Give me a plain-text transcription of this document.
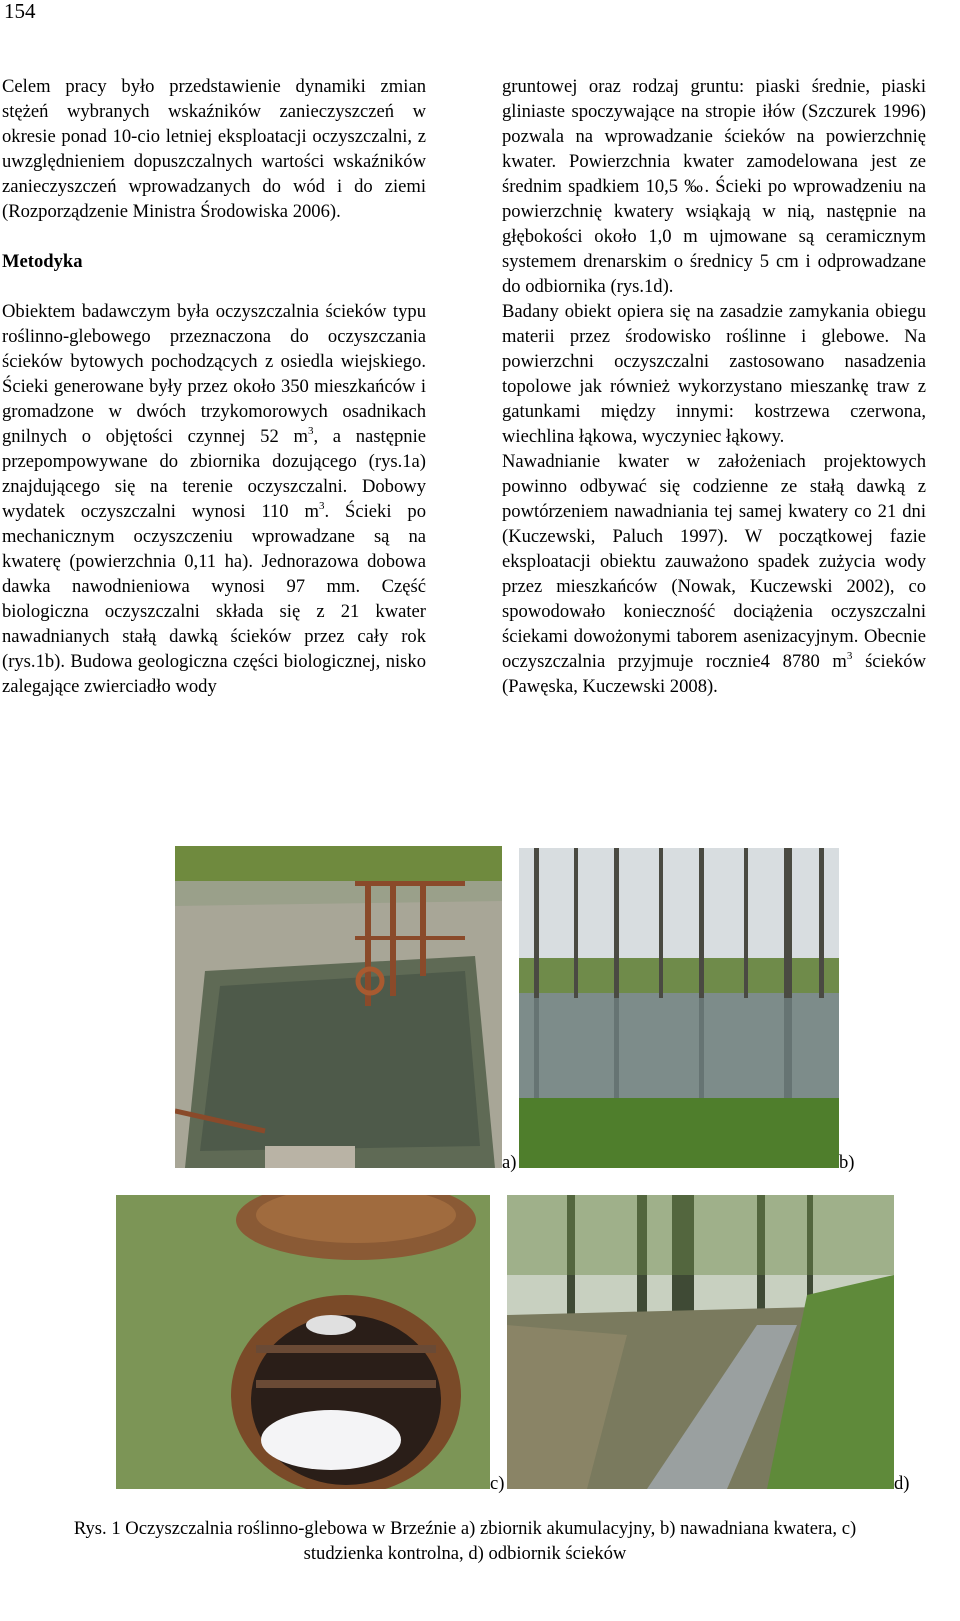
154

Celem pracy było przedstawienie dynamiki zmian stężeń wybranych wskaźników zanieczyszczeń w okresie ponad 10-cio letniej eksploatacji oczyszczalni, z uwzględnieniem dopuszczalnych wartości wskaźników zanieczyszczeń wprowadzanych do wód i do ziemi (Rozporządzenie Ministra Środowiska 2006).

Metodyka

Obiektem badawczym była oczyszczalnia ścieków typu roślinno-glebowego przeznaczona do oczyszczania ścieków bytowych pochodzących z osiedla wiejskiego. Ścieki generowane były przez około 350 mieszkańców i gromadzone w dwóch trzykomorowych osadnikach gnilnych o objętości czynnej 52 $m^3$, a następnie przepompowywane do zbiornika dozującego (rys.1a) znajdującego się na terenie oczyszczalni. Dobowy wydatek oczyszczalni wynosi 110 $m^3$. Ścieki po mechanicznym oczyszczeniu wprowadzane są na kwaterę (powierzchnia 0,11 ha). Jednorazowa dobowa dawka nawodnieniowa wynosi 97 mm. Część biologiczna oczyszczalni składa się z 21 kwater nawadnianych stałą dawką ścieków przez cały rok (rys.1b). Budowa geologiczna części biologicznej, nisko zalegające zwierciadło wody

gruntowej oraz rodzaj gruntu: piaski średnie, piaski gliniaste spoczywające na stropie iłów (Szczurek 1996) pozwala na wprowadzanie ścieków na powierzchnię kwater. Powierzchnia kwater zamodelowana jest ze średnim spadkiem 10,5 ‰. Ścieki po wprowadzeniu na powierzchnię kwatery wsiąkają w nią, następnie na głębokości około 1,0 m ujmowane są ceramicznym systemem drenarskim o średnicy 5 cm i odprowadzane do odbiornika (rys.1d).

Badany obiekt opiera się na zasadzie zamykania obiegu materii przez środowisko roślinne i glebowe. Na powierzchni oczyszczalni zastosowano nasadzenia topolowe jak również wykorzystano mieszankę traw z gatunkami między innymi: kostrzewa czerwona, wiechlina łąkowa, wyczyniec łąkowy.

Nawadnianie kwater w założeniach projektowych powinno odbywać się codzienne ze stałą dawką z powtórzeniem nawadniania tej samej kwatery co 21 dni (Kuczewski, Paluch 1997). W początkowej fazie eksploatacji obiektu zauważono spadek zużycia wody przez mieszkańców (Nowak, Kuczewski 2002), co spowodowało konieczność dociążenia oczyszczalni ściekami dowożonymi taborem asenizacyjnym. Obecnie oczyszczalnia przyjmuje rocznie4 8780 $m^3$ ścieków (Pawęska, Kuczewski 2008).

a)	b)
c)	d)
Rys. 1 Oczyszczalnia roślinno-glebowa w Brzeźnie a) zbiornik akumulacyjny, b) nawadniana kwatera, c)
studzienka kontrolna, d) odbiornik ścieków
